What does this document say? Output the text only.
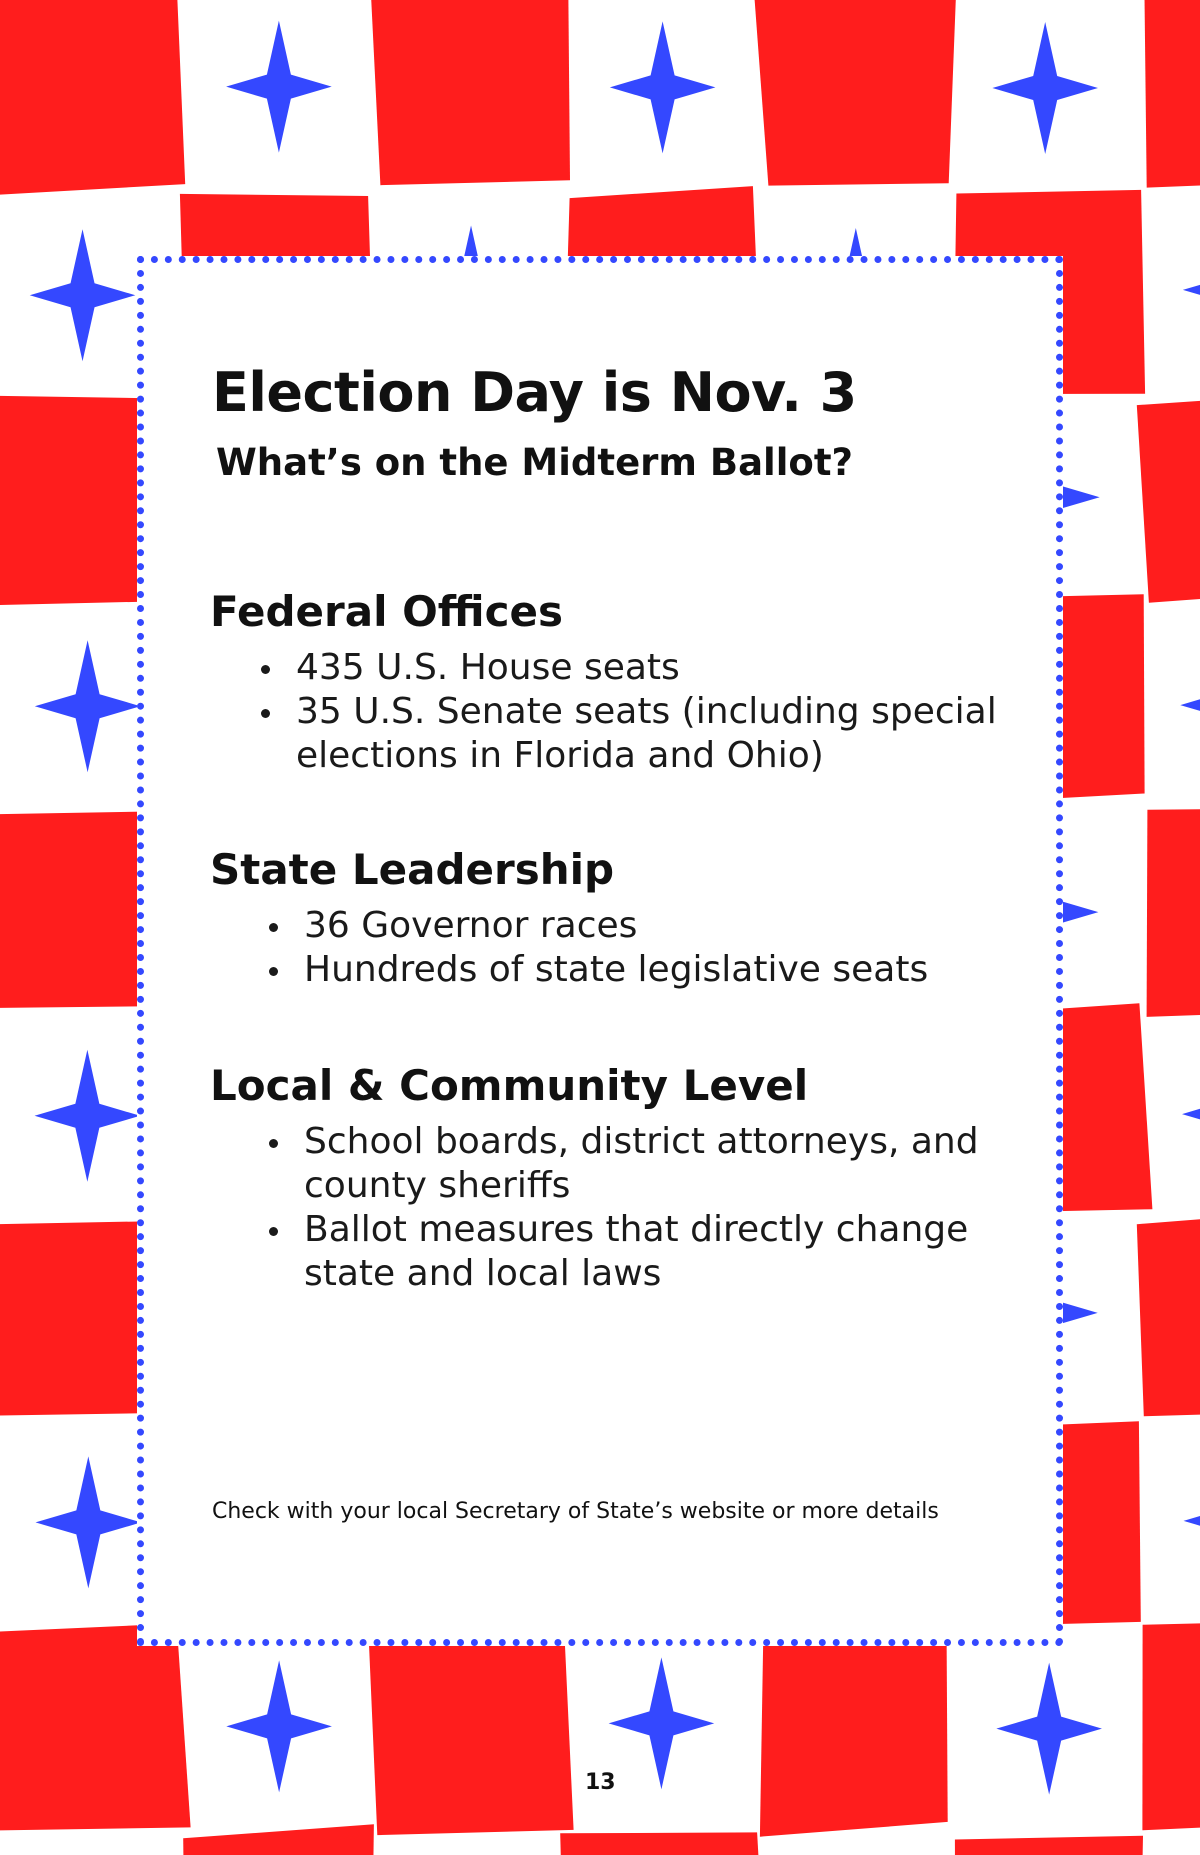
Election Day is Nov. 3
What’s on the Midterm Ballot?
Federal Offices
• 435 U.S. House seats
• 35 U.S. Senate seats (including special elections in Florida and Ohio)
State Leadership
• 36 Governor races
• Hundreds of state legislative seats
Local & Community Level
• School boards, district attorneys, and county sheriffs
• Ballot measures that directly change state and local laws
Check with your local Secretary of State’s website or more details
13
